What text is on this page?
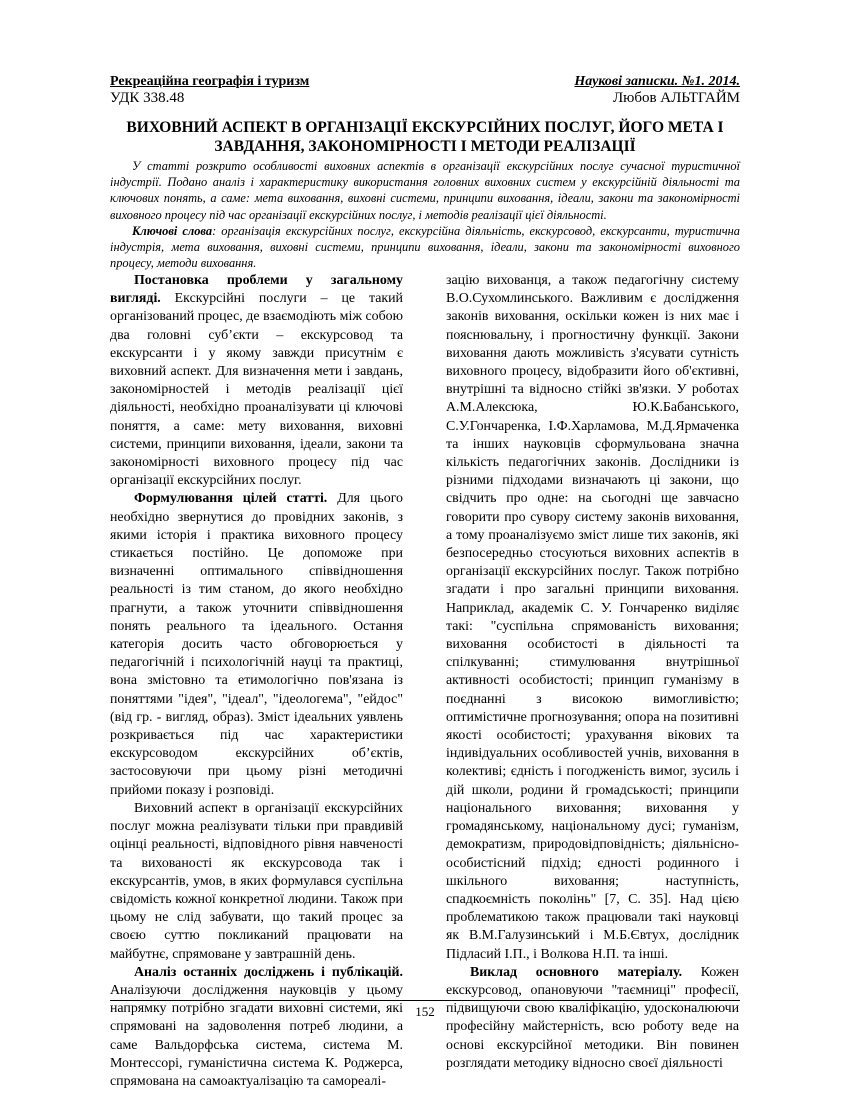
Рекреаційна географія і туризм	Наукові записки. №1. 2014.
УДК 338.48	Любов АЛЬТГАЙМ
ВИХОВНИЙ АСПЕКТ В ОРГАНІЗАЦІЇ ЕКСКУРСІЙНИХ ПОСЛУГ, ЙОГО МЕТА І ЗАВДАННЯ, ЗАКОНОМІРНОСТІ І МЕТОДИ РЕАЛІЗАЦІЇ
У статті розкрито особливості виховних аспектів в організації екскурсійних послуг сучасної туристичної індустрії. Подано аналіз і характеристику використання головних виховних систем у екскурсійній діяльності та ключових понять, а саме: мета виховання, виховні системи, принципи виховання, ідеали, закони та закономірності виховного процесу під час організації екскурсійних послуг, і методів реалізації цієї діяльності.
Ключові слова: організація екскурсійних послуг, екскурсійна діяльність, екскурсовод, екскурсанти, туристична індустрія, мета виховання, виховні системи, принципи виховання, ідеали, закони та закономірності виховного процесу, методи виховання.

Постановка проблеми у загальному вигляді. Екскурсійні послуги – це такий організований процес, де взаємодіють між собою два головні суб’єкти – екскурсовод та екскурсанти і у якому завжди присутнім є виховний аспект. Для визначення мети і завдань, закономірностей і методів реалізації цієї діяльності, необхідно проаналізувати ці ключові поняття, а саме: мету виховання, виховні системи, принципи виховання, ідеали, закони та закономірності виховного процесу під час організації екскурсійних послуг.

Формулювання цілей статті. Для цього необхідно звернутися до провідних законів, з якими історія і практика виховного процесу стикається постійно. Це допоможе при визначенні оптимального співвідношення реальності із тим станом, до якого необхідно прагнути, а також уточнити співвідношення понять реального та ідеального. Остання категорія досить часто обговорюється у педагогічній і психологічній науці та практиці, вона змістовно та етимологічно пов'язана із поняттями "ідея", "ідеал", "ідеологема", "ейдос" (від гр. - вигляд, образ). Зміст ідеальних уявлень розкривається під час характеристики екскурсоводом екскурсійних об’єктів, застосовуючи при цьому різні методичні прийоми показу і розповіді.

Виховний аспект в організації екскурсійних послуг можна реалізувати тільки при правдивій оцінці реальності, відповідного рівня навченості та вихованості як екскурсовода так і екскурсантів, умов, в яких формулався суспільна свідомість кожної конкретної людини. Також при цьому не слід забувати, що такий процес за своєю суттю покликаний працювати на майбутнє, спрямоване у завтрашній день.

Аналіз останніх досліджень і публікацій. Аналізуючи дослідження науковців у цьому напрямку потрібно згадати виховні системи, які спрямовані на задоволення потреб людини, а саме Вальдорфська система, система М. Монтессорі, гуманістична система К. Роджерса, спрямована на самоактуалізацію та самореалі-

зацію вихованця, а також педагогічну систему В.О.Сухомлинського. Важливим є дослідження законів виховання, оскільки кожен із них має і пояснювальну, і прогностичну функції. Закони виховання дають можливість з'ясувати сутність виховного процесу, відобразити його об'єктивні, внутрішні та відносно стійкі зв'язки. У роботах А.М.Алексюка, Ю.К.Бабанського, С.У.Гончаренка, І.Ф.Харламова, М.Д.Ярмаченка та інших науковців сформульована значна кількість педагогічних законів. Дослідники із різними підходами визначають ці закони, що свідчить про одне: на сьогодні ще завчасно говорити про сувору систему законів виховання, а тому проаналізуємо зміст лише тих законів, які безпосередньо стосуються виховних аспектів в організації екскурсійних послуг. Також потрібно згадати і про загальні принципи виховання. Наприклад, академік С. У. Гончаренко виділяє такі: "суспільна спрямованість виховання; виховання особистості в діяльності та спілкуванні; стимулювання внутрішньої активності особистості; принцип гуманізму в поєднанні з високою вимогливістю; оптимістичне прогнозування; опора на позитивні якості особистості; урахування вікових та індивідуальних особливостей учнів, виховання в колективі; єдність і погодженість вимог, зусиль і дій школи, родини й громадськості; принципи національного виховання; виховання у громадянському, національному дусі; гуманізм, демократизм, природовідповідність; діяльнісно-особистісний підхід; єдності родинного і шкільного виховання; наступність, спадкоємність поколінь" [7, С. 35]. Над цією проблематикою також працювали такі науковці як В.М.Галузинський і М.Б.Євтух, дослідник Підласий І.П., і Волкова Н.П. та інші.

Виклад основного матеріалу. Кожен екскурсовод, опановуючи "таємниці" професії, підвищуючи свою кваліфікацію, удосконалюючи професійну майстерність, всю роботу веде на основі екскурсійної методики. Він повинен розглядати методику відносно своєї діяльності

152
